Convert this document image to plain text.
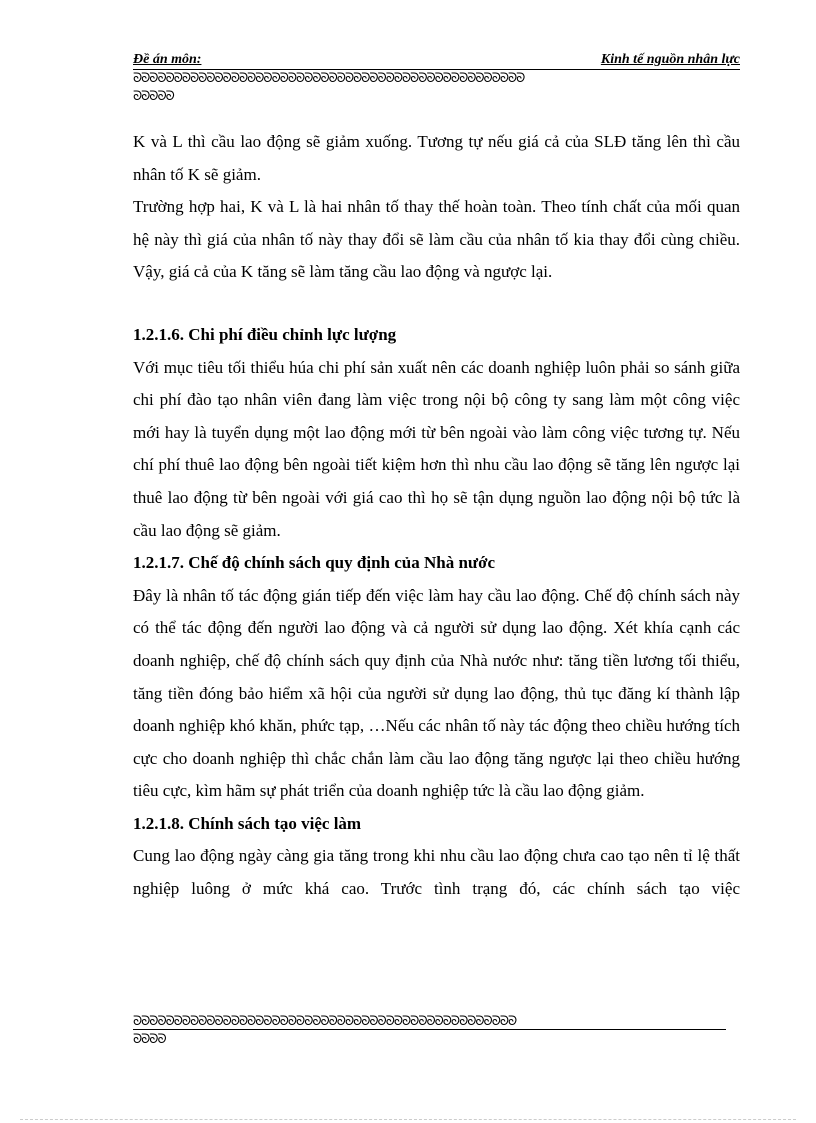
Đề án môn:	Kinh tế nguồn nhân lực
ᘐᘐᘐᘐᘐᘐᘐᘐᘐᘐᘐᘐᘐᘐᘐᘐᘐᘐᘐᘐᘐᘐᘐᘐᘐᘐᘐᘐᘐᘐᘐᘐᘐᘐᘐᘐᘐᘐᘐᘐᘐᘐᘐᘐᘐᘐᘐᘐ
ᘐᘐᘐᘐᘐ

K và L thì cầu lao động sẽ giảm xuống. Tương tự nếu giá cả của SLĐ tăng lên thì cầu nhân tố K sẽ giảm.

Trường hợp hai, K và L là hai nhân tố thay thế hoàn toàn. Theo tính chất của mối quan hệ này thì giá của nhân tố này thay đổi sẽ làm cầu của nhân tố kia thay đổi cùng chiều. Vậy, giá cả của K tăng sẽ làm tăng cầu lao động và ngược lại.

1.2.1.6. Chi phí điều chỉnh lực lượng

Với mục tiêu tối thiểu húa chi phí sản xuất nên các doanh nghiệp luôn phải so sánh giữa chi phí đào tạo nhân viên đang làm việc trong nội bộ công ty sang làm một công việc mới hay là tuyển dụng một lao động mới từ bên ngoài vào làm công việc tương tự. Nếu chí phí thuê lao động bên ngoài tiết kiệm hơn thì nhu cầu lao động sẽ tăng lên ngược lại thuê lao động từ bên ngoài với giá cao thì họ sẽ tận dụng nguồn lao động nội bộ tức là cầu lao động sẽ giảm.

1.2.1.7. Chế độ chính sách quy định của Nhà nước

Đây là nhân tố tác động gián tiếp đến việc làm hay cầu lao động. Chế độ chính sách này có thể tác động đến người lao động và cả người sử dụng lao động. Xét khía cạnh các doanh nghiệp, chế độ chính sách quy định của Nhà nước như: tăng tiền lương tối thiểu, tăng tiền đóng bảo hiểm xã hội của người sử dụng lao động, thủ tục đăng kí thành lập doanh nghiệp khó khăn, phức tạp, …Nếu các nhân tố này tác động theo chiều hướng tích cực cho doanh nghiệp thì chắc chắn làm cầu lao động tăng ngược lại theo chiều hướng tiêu cực, kìm hãm sự phát triển của doanh nghiệp tức là cầu lao động giảm.

1.2.1.8. Chính sách tạo việc làm

Cung lao động ngày càng gia tăng trong khi nhu cầu lao động chưa cao tạo nên tỉ lệ thất nghiệp luông ở mức khá cao. Trước tình trạng đó, các chính sách tạo việc

ᘐᘐᘐᘐᘐᘐᘐᘐᘐᘐᘐᘐᘐᘐᘐᘐᘐᘐᘐᘐᘐᘐᘐᘐᘐᘐᘐᘐᘐᘐᘐᘐᘐᘐᘐᘐᘐᘐᘐᘐᘐᘐᘐᘐᘐᘐᘐ
ᘐᘐᘐᘐ
